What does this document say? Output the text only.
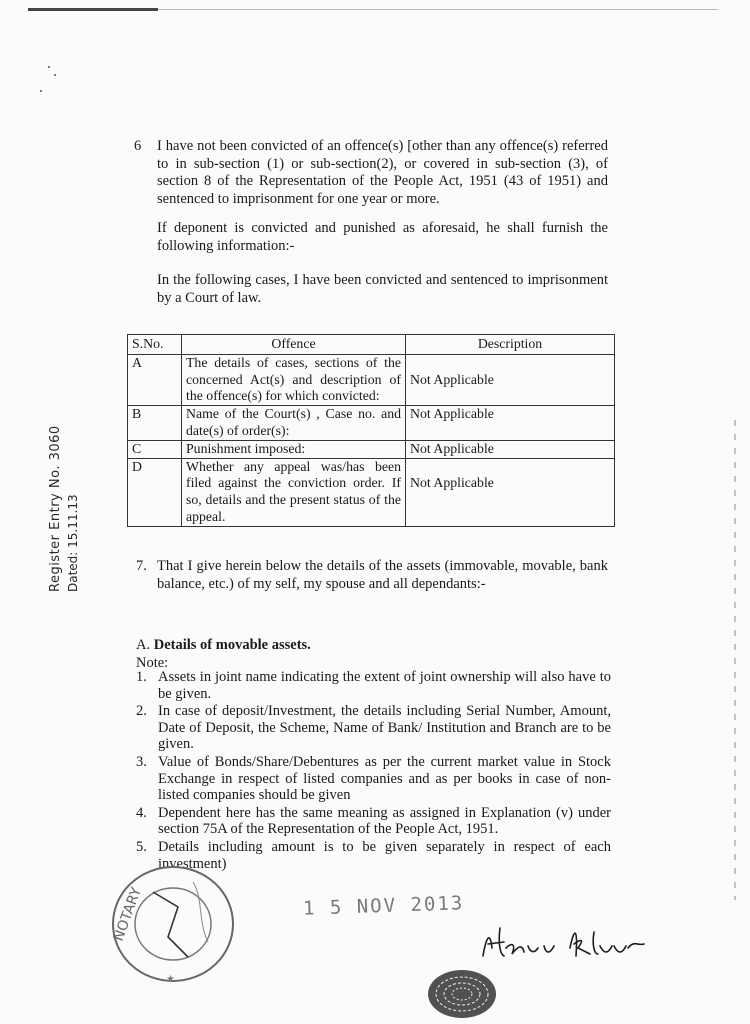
6 I have not been convicted of an offence(s) [other than any offence(s) referred to in sub-section (1) or sub-section(2), or covered in sub-section (3), of section 8 of the Representation of the People Act, 1951 (43 of 1951) and sentenced to imprisonment for one year or more.
If deponent is convicted and punished as aforesaid, he shall furnish the following information:-
In the following cases, I have been convicted and sentenced to imprisonment by a Court of law.
S.No.	Offence	Description
A	The details of cases, sections of the concerned Act(s) and description of the offence(s) for which convicted:	Not Applicable
B	Name of the Court(s) , Case no. and date(s) of order(s):	Not Applicable
C	Punishment imposed:	Not Applicable
D	Whether any appeal was/has been filed against the conviction order. If so, details and the present status of the appeal.	Not Applicable
7. That I give herein below the details of the assets (immovable, movable, bank balance, etc.) of my self, my spouse and all dependants:-
A. Details of movable assets.
Note:
1. Assets in joint name indicating the extent of joint ownership will also have to be given.
2. In case of deposit/Investment, the details including Serial Number, Amount, Date of Deposit, the Scheme, Name of Bank/ Institution and Branch are to be given.
3. Value of Bonds/Share/Debentures as per the current market value in Stock Exchange in respect of listed companies and as per books in case of non-listed companies should be given
4. Dependent here has the same meaning as assigned in Explanation (v) under section 75A of the Representation of the People Act, 1951.
5. Details including amount is to be given separately in respect of each investment)
Register Entry No. 3060 Dated: 15.11.13
NOTARY
★
1 5 NOV 2013
